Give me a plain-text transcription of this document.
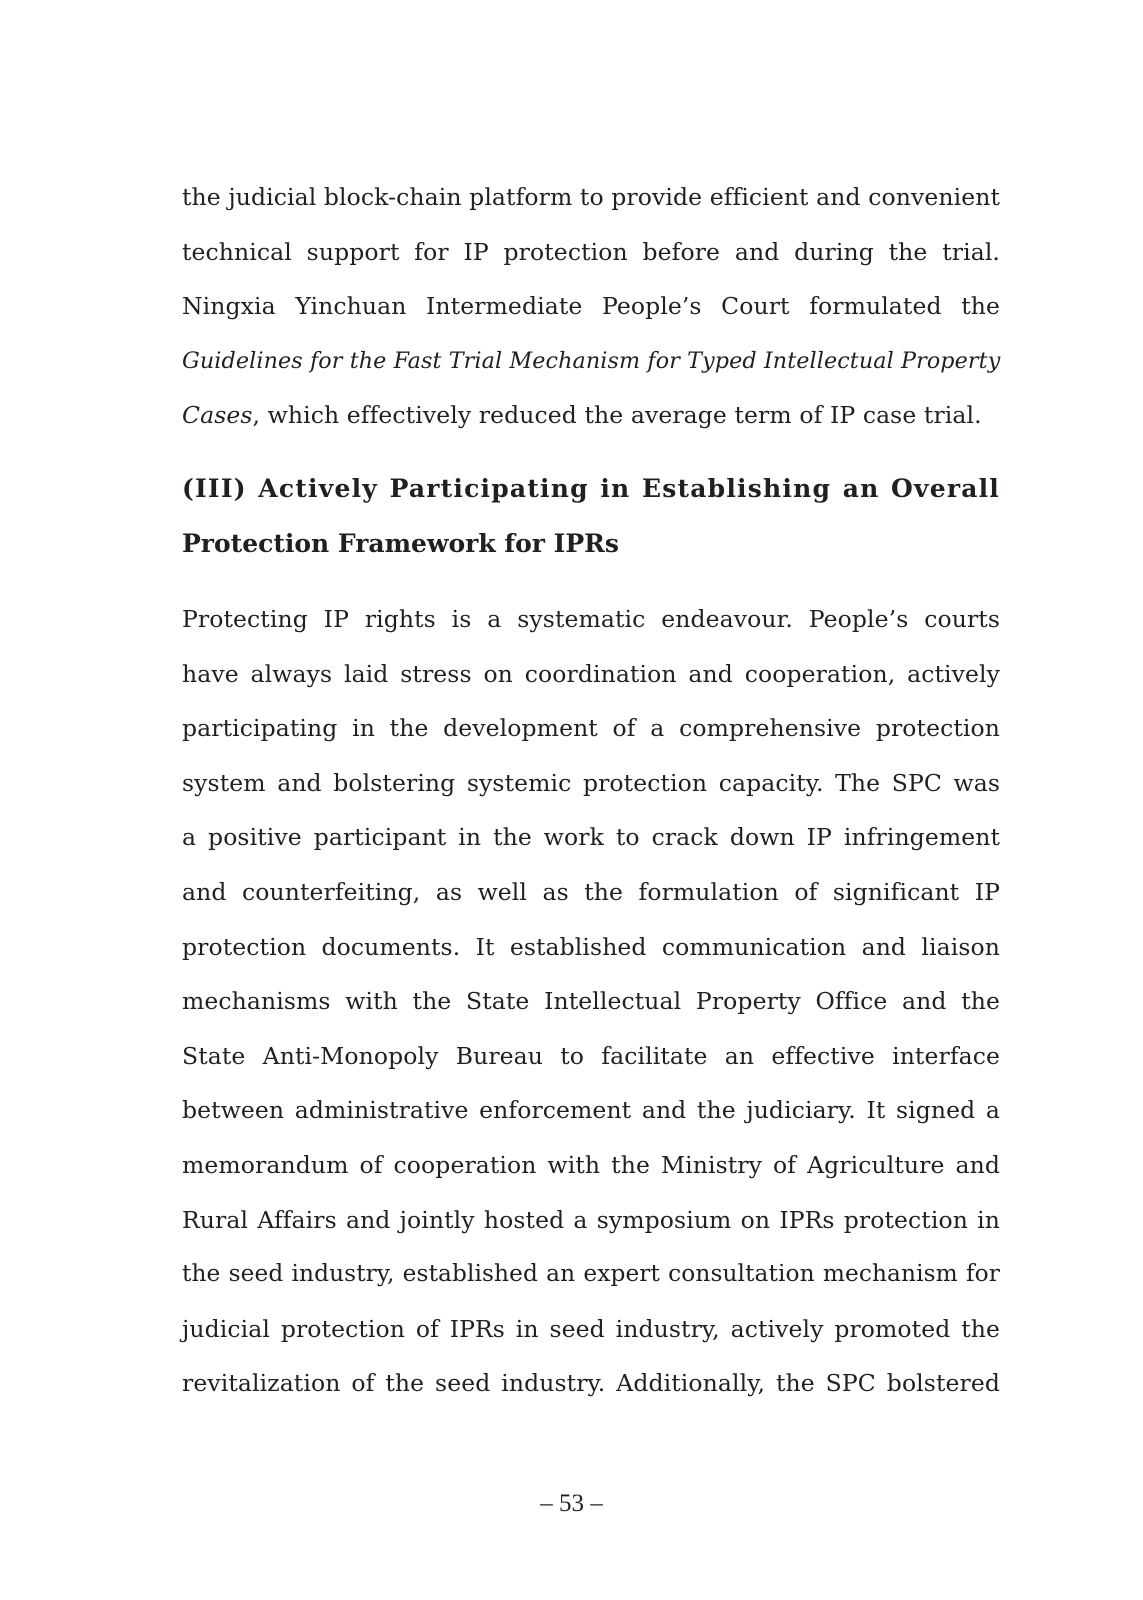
the judicial block-chain platform to provide efficient and convenient
technical support for IP protection before and during the trial.
Ningxia Yinchuan Intermediate People’s Court formulated the
Guidelines for the Fast Trial Mechanism for Typed Intellectual Property
Cases, which effectively reduced the average term of IP case trial.
(III) Actively Participating in Establishing an Overall
Protection Framework for IPRs
Protecting IP rights is a systematic endeavour. People’s courts
have always laid stress on coordination and cooperation, actively
participating in the development of a comprehensive protection
system and bolstering systemic protection capacity. The SPC was
a positive participant in the work to crack down IP infringement
and counterfeiting, as well as the formulation of significant IP
protection documents. It established communication and liaison
mechanisms with the State Intellectual Property Office and the
State Anti-Monopoly Bureau to facilitate an effective interface
between administrative enforcement and the judiciary. It signed a
memorandum of cooperation with the Ministry of Agriculture and
Rural Affairs and jointly hosted a symposium on IPRs protection in
the seed industry, established an expert consultation mechanism for
judicial protection of IPRs in seed industry, actively promoted the
revitalization of the seed industry. Additionally, the SPC bolstered
– 53 –
